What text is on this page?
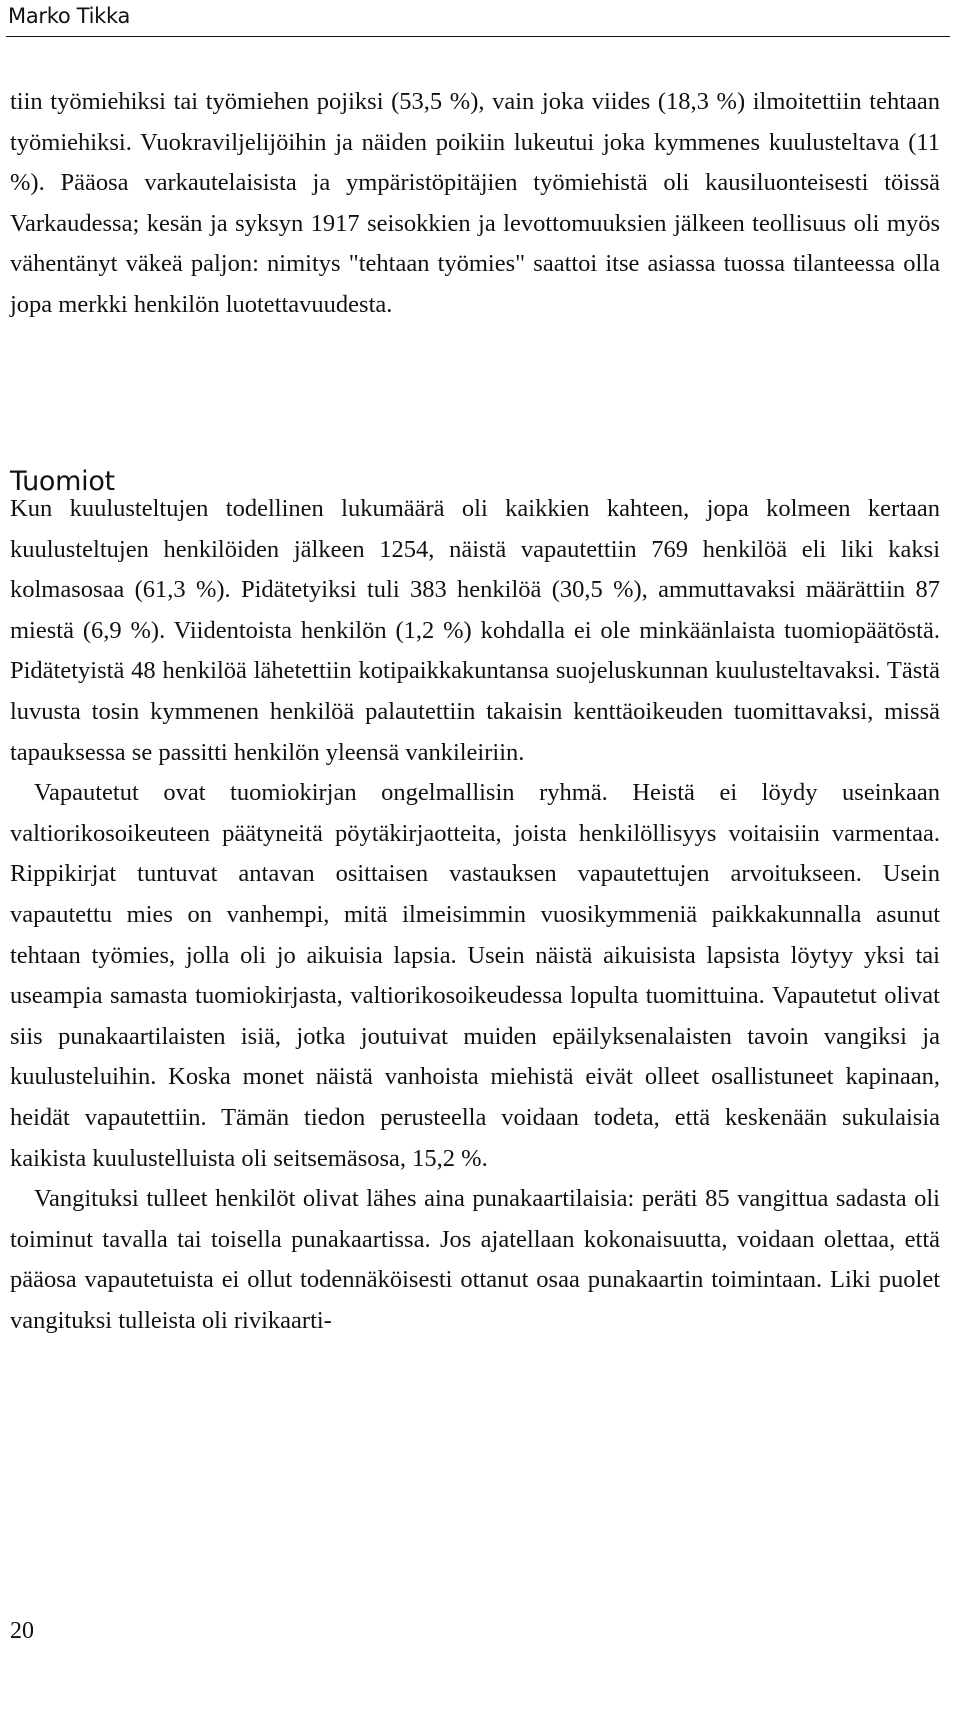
Marko Tikka

tiin työmiehiksi tai työmiehen pojiksi (53,5 %), vain joka viides (18,3 %) ilmoitettiin tehtaan työmiehiksi. Vuokraviljelijöihin ja näiden poikiin lukeutui joka kymmenes kuulusteltava (11 %). Pääosa varkautelaisista ja ympäristöpitäjien työmiehistä oli kausiluonteisesti töissä Varkaudessa; kesän ja syksyn 1917 seisokkien ja levottomuuksien jälkeen teollisuus oli myös vähentänyt väkeä paljon: nimitys "tehtaan työmies" saattoi itse asiassa tuossa tilanteessa olla jopa merkki henkilön luotettavuudesta.

Tuomiot

Kun kuulusteltujen todellinen lukumäärä oli kaikkien kahteen, jopa kolmeen kertaan kuulusteltujen henkilöiden jälkeen 1254, näistä vapautettiin 769 henkilöä eli liki kaksi kolmasosaa (61,3 %). Pidätetyiksi tuli 383 henkilöä (30,5 %), ammuttavaksi määrättiin 87 miestä (6,9 %). Viidentoista henkilön (1,2 %) kohdalla ei ole minkäänlaista tuomiopäätöstä. Pidätetyistä 48 henkilöä lähetettiin kotipaikkakuntansa suojeluskunnan kuulusteltavaksi. Tästä luvusta tosin kymmenen henkilöä palautettiin takaisin kenttäoikeuden tuomittavaksi, missä tapauksessa se passitti henkilön yleensä vankileiriin.

Vapautetut ovat tuomiokirjan ongelmallisin ryhmä. Heistä ei löydy useinkaan valtiorikosoikeuteen päätyneitä pöytäkirjaotteita, joista henkilöllisyys voitaisiin varmentaa. Rippikirjat tuntuvat antavan osittaisen vastauksen vapautettujen arvoitukseen. Usein vapautettu mies on vanhempi, mitä ilmeisimmin vuosikymmeniä paikkakunnalla asunut tehtaan työmies, jolla oli jo aikuisia lapsia. Usein näistä aikuisista lapsista löytyy yksi tai useampia samasta tuomiokirjasta, valtiorikosoikeudessa lopulta tuomittuina. Vapautetut olivat siis punakaartilaisten isiä, jotka joutuivat muiden epäilyksenalaisten tavoin vangiksi ja kuulusteluihin. Koska monet näistä vanhoista miehistä eivät olleet osallistuneet kapinaan, heidät vapautettiin. Tämän tiedon perusteella voidaan todeta, että keskenään sukulaisia kaikista kuulustelluista oli seitsemäsosa, 15,2 %.

Vangituksi tulleet henkilöt olivat lähes aina punakaartilaisia: peräti 85 vangittua sadasta oli toiminut tavalla tai toisella punakaartissa. Jos ajatellaan kokonaisuutta, voidaan olettaa, että pääosa vapautetuista ei ollut todennäköisesti ottanut osaa punakaartin toimintaan. Liki puolet vangituksi tulleista oli rivikaarti-

20
